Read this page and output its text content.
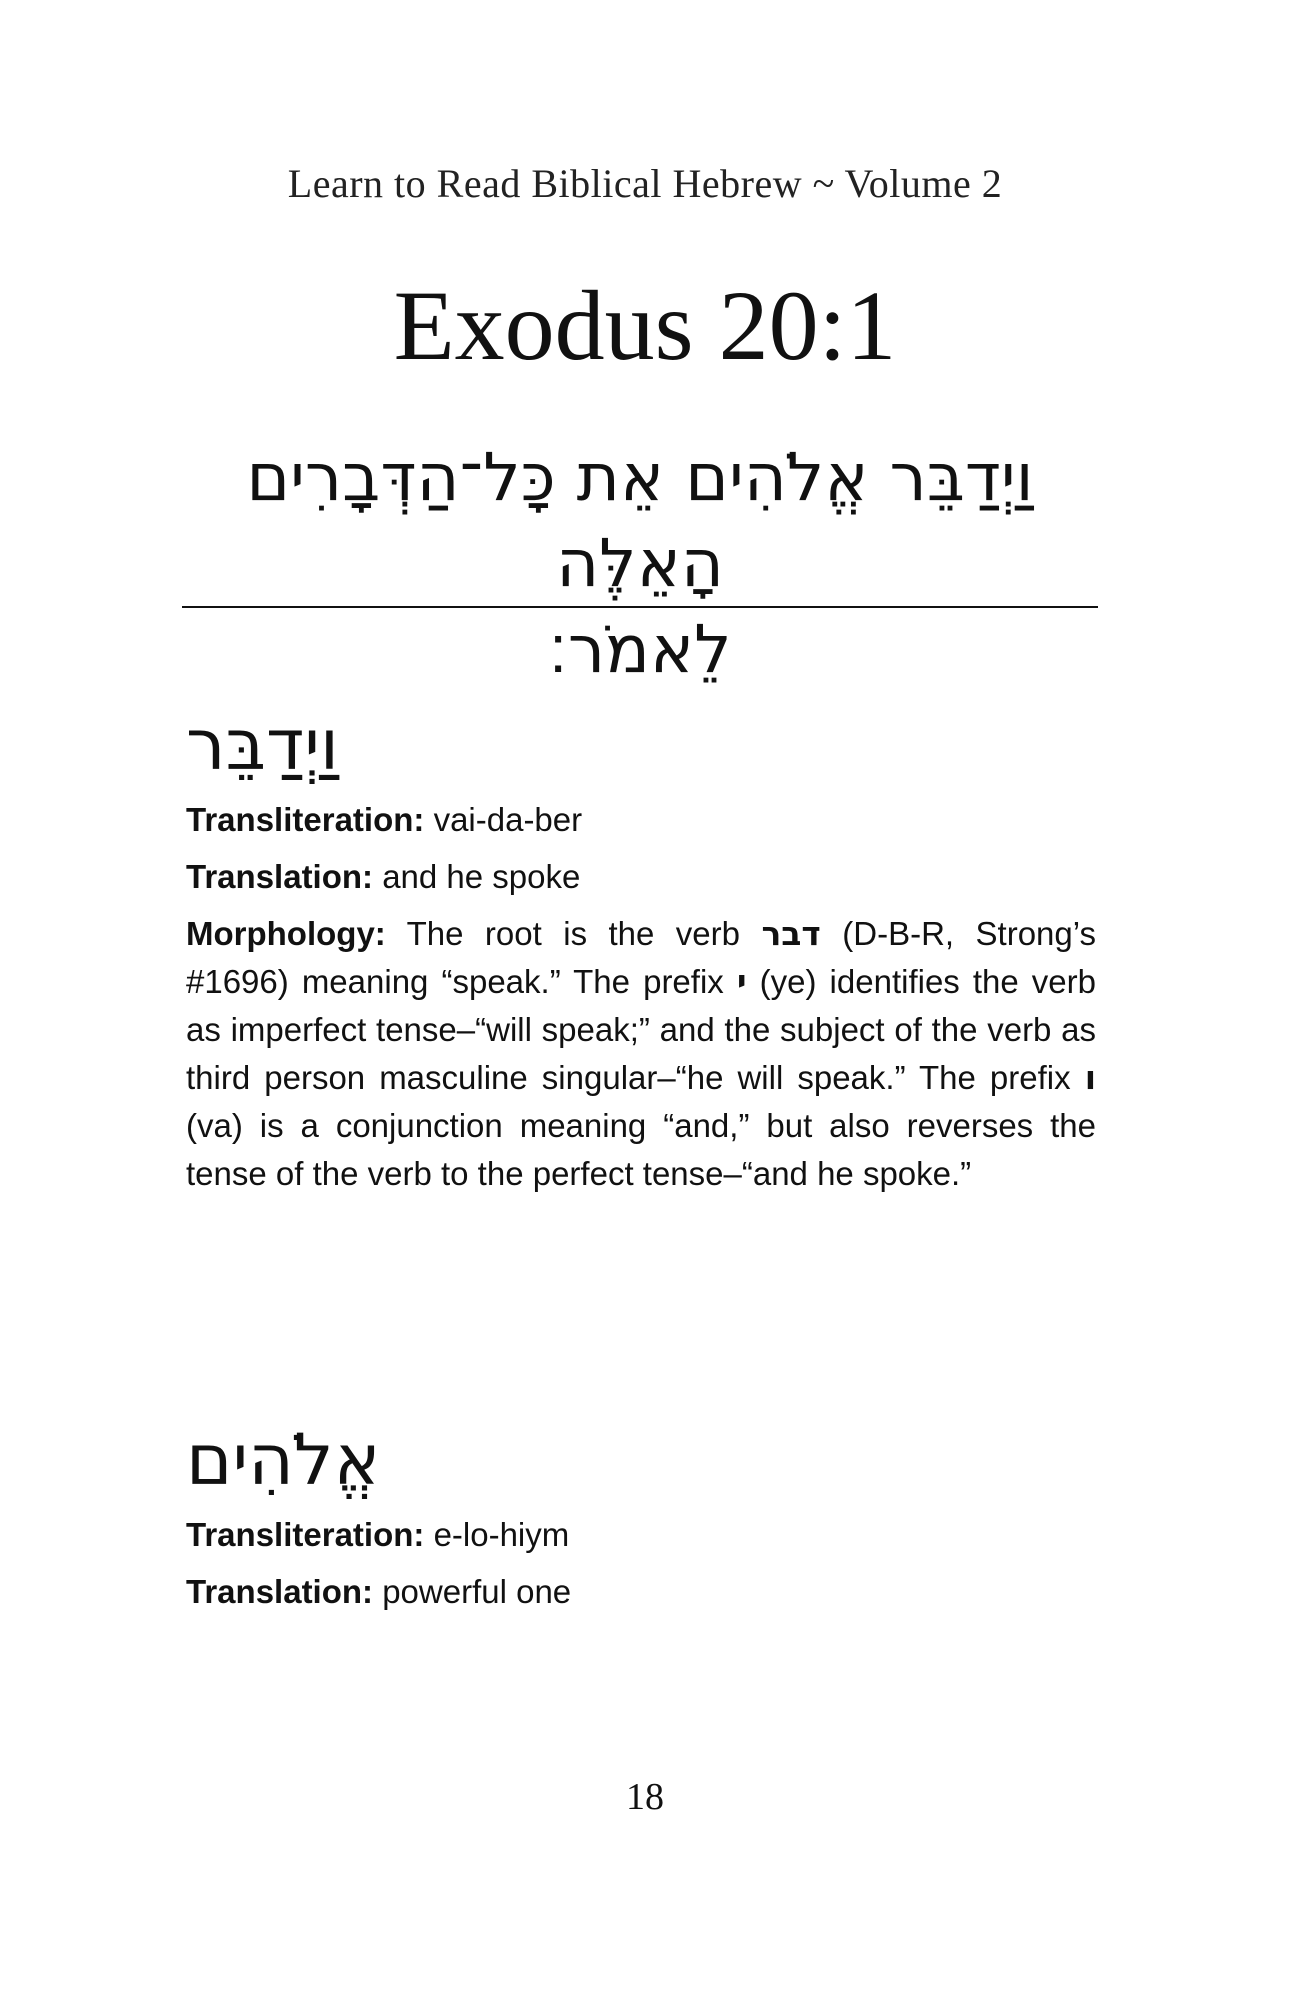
Learn to Read Biblical Hebrew ~ Volume 2
Exodus 20:1
וַיְדַבֵּר אֱלֹהִים אֵת כָּל־הַדְּבָרִים הָאֵלֶּה
לֵאמֹר׃
וַיְדַבֵּר
Transliteration: vai-da-ber
Translation: and he spoke
Morphology: The root is the verb דבר (D-B-R, Strong’s #1696) meaning “speak.” The prefix י (ye) identifies the verb as imperfect tense–“will speak;” and the subject of the verb as third person masculine singular–“he will speak.” The prefix ו (va) is a conjunction meaning “and,” but also reverses the tense of the verb to the perfect tense–“and he spoke.”
אֱלֹהִים
Transliteration: e-lo-hiym
Translation: powerful one
18
